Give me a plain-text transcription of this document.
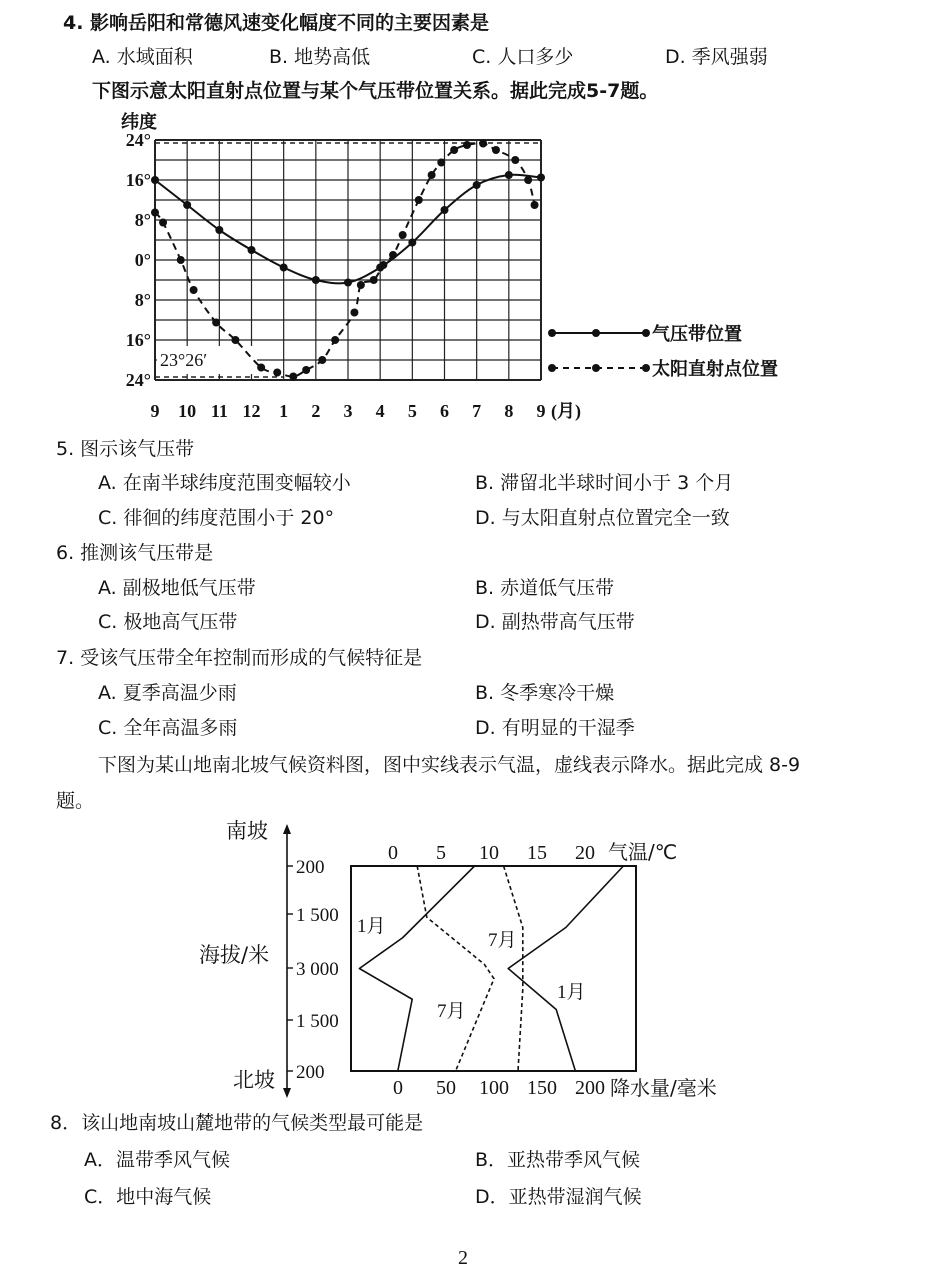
4. 影响岳阳和常德风速变化幅度不同的主要因素是
A. 水域面积	B. 地势高低	C. 人口多少	D. 季风强弱
下图示意太阳直射点位置与某个气压带位置关系。据此完成5-7题。
纬度
23°26′
24°
16°
8°
0°
8°
16°
24°
9 10 11 12 1 2 3 4 5 6 7 8 9 (月)
气压带位置
太阳直射点位置
5. 图示该气压带
A. 在南半球纬度范围变幅较小	B. 滞留北半球时间小于 3 个月
C. 徘徊的纬度范围小于 20°	D. 与太阳直射点位置完全一致
6. 推测该气压带是
A. 副极地低气压带	B. 赤道低气压带
C. 极地高气压带	D. 副热带高气压带
7. 受该气压带全年控制而形成的气候特征是
A. 夏季高温少雨	B. 冬季寒冷干燥
C. 全年高温多雨	D. 有明显的干湿季
下图为某山地南北坡气候资料图，图中实线表示气温，虚线表示降水。据此完成 8-9
题。
200
1 500
3 000
1 500
200
南坡
海拔/米
北坡
0 5 10 15 20 气温/℃
0 50 100 150 200 降水量/毫米
1月
7月
7月
1月
8．该山地南坡山麓地带的气候类型最可能是
A．温带季风气候	B．亚热带季风气候
C．地中海气候	D．亚热带湿润气候
2
